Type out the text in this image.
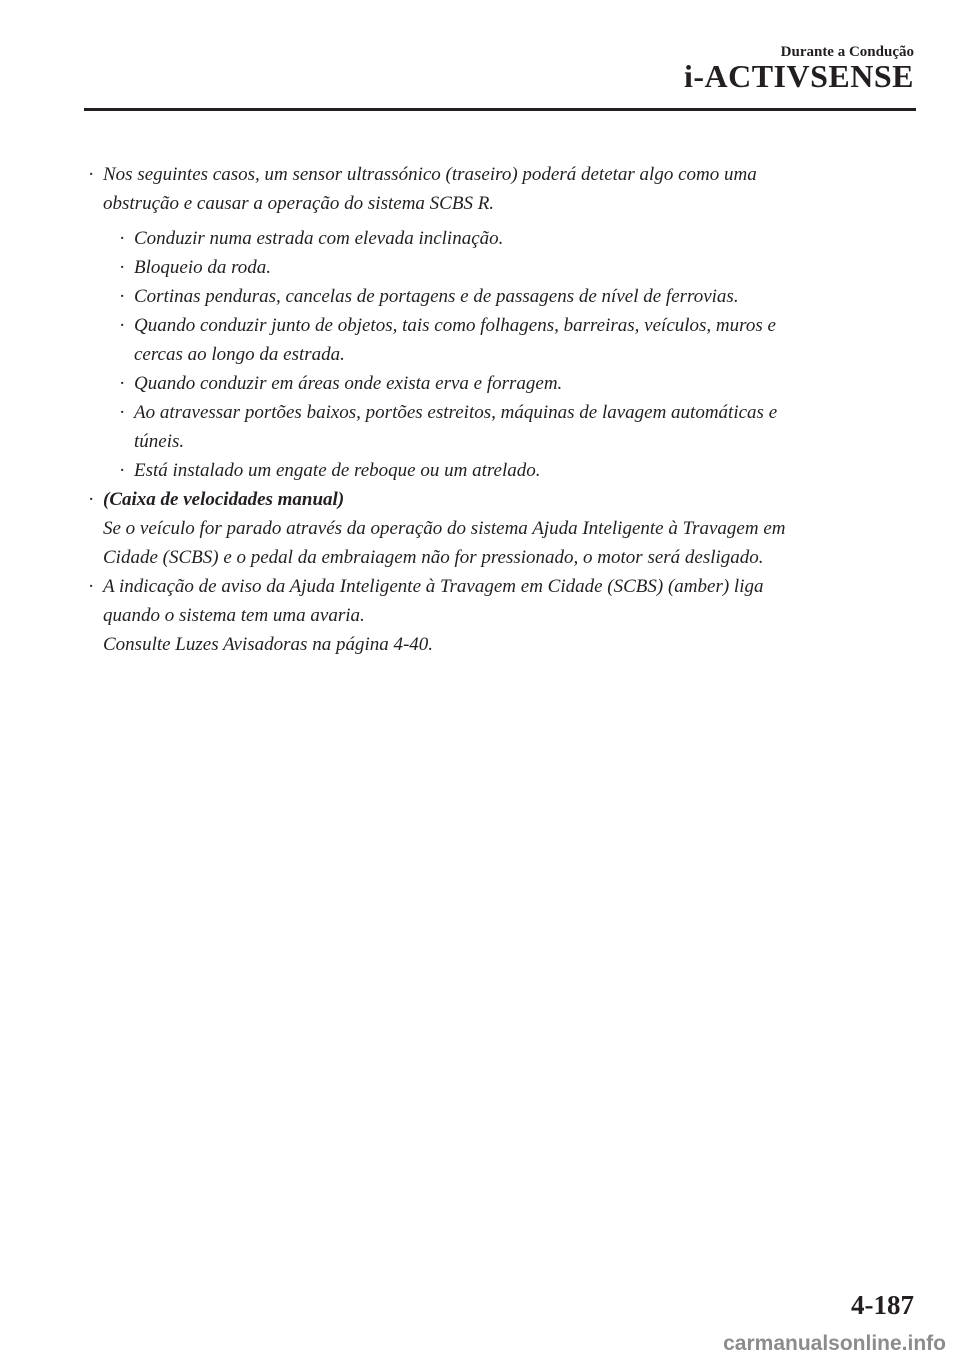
Durante a Condução
i-ACTIVSENSE
· Nos seguintes casos, um sensor ultrassónico (traseiro) poderá detetar algo como uma
obstrução e causar a operação do sistema SCBS R.
· Conduzir numa estrada com elevada inclinação.
· Bloqueio da roda.
· Cortinas penduras, cancelas de portagens e de passagens de nível de ferrovias.
· Quando conduzir junto de objetos, tais como folhagens, barreiras, veículos, muros e
cercas ao longo da estrada.
· Quando conduzir em áreas onde exista erva e forragem.
· Ao atravessar portões baixos, portões estreitos, máquinas de lavagem automáticas e
túneis.
· Está instalado um engate de reboque ou um atrelado.
· (Caixa de velocidades manual)
Se o veículo for parado através da operação do sistema Ajuda Inteligente à Travagem em
Cidade (SCBS) e o pedal da embraiagem não for pressionado, o motor será desligado.
· A indicação de aviso da Ajuda Inteligente à Travagem em Cidade (SCBS) (amber) liga
quando o sistema tem uma avaria.
Consulte Luzes Avisadoras na página 4-40.
4-187
carmanualsonline.info
